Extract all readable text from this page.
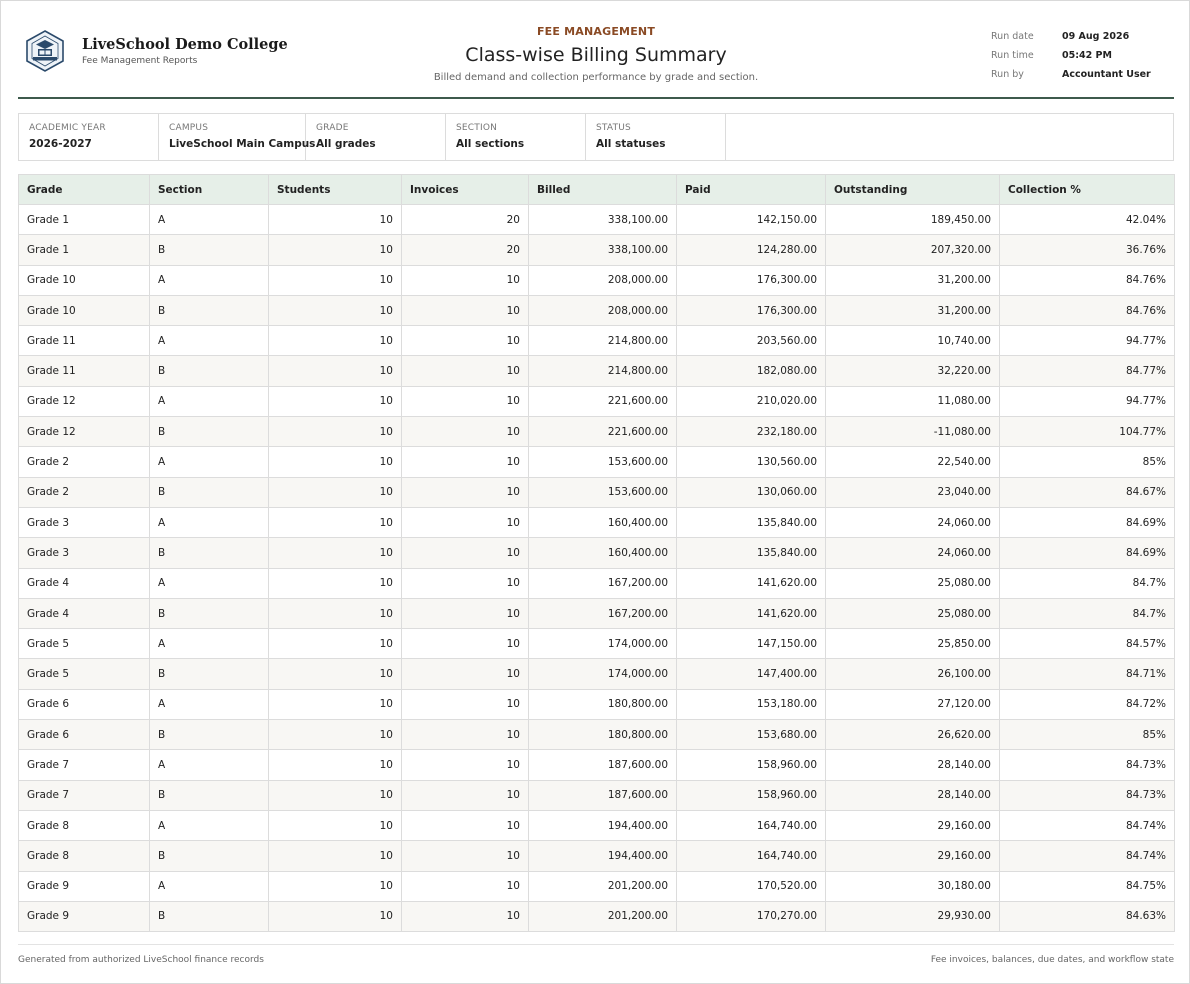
LiveSchool Demo College
Fee Management Reports
FEE MANAGEMENT
Class-wise Billing Summary
Billed demand and collection performance by grade and section.
Run date	09 Aug 2026
Run time	05:42 PM
Run by	Accountant User
ACADEMIC YEAR
2026-2027
CAMPUS
LiveSchool Main Campus
GRADE
All grades
SECTION
All sections
STATUS
All statuses
Grade	Section	Students	Invoices	Billed	Paid	Outstanding	Collection %
Grade 1	A	10	20	338,100.00	142,150.00	189,450.00	42.04%
Grade 1	B	10	20	338,100.00	124,280.00	207,320.00	36.76%
Grade 10	A	10	10	208,000.00	176,300.00	31,200.00	84.76%
Grade 10	B	10	10	208,000.00	176,300.00	31,200.00	84.76%
Grade 11	A	10	10	214,800.00	203,560.00	10,740.00	94.77%
Grade 11	B	10	10	214,800.00	182,080.00	32,220.00	84.77%
Grade 12	A	10	10	221,600.00	210,020.00	11,080.00	94.77%
Grade 12	B	10	10	221,600.00	232,180.00	-11,080.00	104.77%
Grade 2	A	10	10	153,600.00	130,560.00	22,540.00	85%
Grade 2	B	10	10	153,600.00	130,060.00	23,040.00	84.67%
Grade 3	A	10	10	160,400.00	135,840.00	24,060.00	84.69%
Grade 3	B	10	10	160,400.00	135,840.00	24,060.00	84.69%
Grade 4	A	10	10	167,200.00	141,620.00	25,080.00	84.7%
Grade 4	B	10	10	167,200.00	141,620.00	25,080.00	84.7%
Grade 5	A	10	10	174,000.00	147,150.00	25,850.00	84.57%
Grade 5	B	10	10	174,000.00	147,400.00	26,100.00	84.71%
Grade 6	A	10	10	180,800.00	153,180.00	27,120.00	84.72%
Grade 6	B	10	10	180,800.00	153,680.00	26,620.00	85%
Grade 7	A	10	10	187,600.00	158,960.00	28,140.00	84.73%
Grade 7	B	10	10	187,600.00	158,960.00	28,140.00	84.73%
Grade 8	A	10	10	194,400.00	164,740.00	29,160.00	84.74%
Grade 8	B	10	10	194,400.00	164,740.00	29,160.00	84.74%
Grade 9	A	10	10	201,200.00	170,520.00	30,180.00	84.75%
Grade 9	B	10	10	201,200.00	170,270.00	29,930.00	84.63%
Generated from authorized LiveSchool finance records	Fee invoices, balances, due dates, and workflow state
